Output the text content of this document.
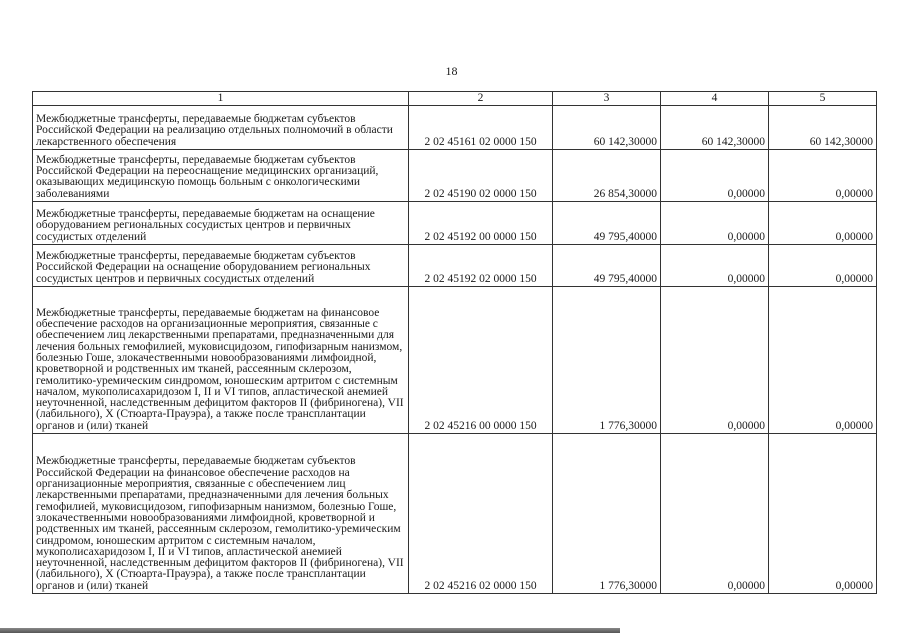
18
1	2	3	4	5
Межбюджетные трансферты, передаваемые бюджетам субъектов Российской Федерации на реализацию отдельных полномочий в области лекарственного обеспечения	2 02 45161 02 0000 150	60 142,30000	60 142,30000	60 142,30000
Межбюджетные трансферты, передаваемые бюджетам субъектов Российской Федерации на переоснащение медицинских организаций, оказывающих медицинскую помощь больным с онкологическими заболеваниями	2 02 45190 02 0000 150	26 854,30000	0,00000	0,00000
Межбюджетные трансферты, передаваемые бюджетам на оснащение оборудованием региональных сосудистых центров и первичных сосудистых отделений	2 02 45192 00 0000 150	49 795,40000	0,00000	0,00000
Межбюджетные трансферты, передаваемые бюджетам субъектов Российской Федерации на оснащение оборудованием региональных сосудистых центров и первичных сосудистых отделений	2 02 45192 02 0000 150	49 795,40000	0,00000	0,00000
Межбюджетные трансферты, передаваемые бюджетам на финансовое обеспечение расходов на организационные мероприятия, связанные с обеспечением лиц лекарственными препаратами, предназначенными для лечения больных гемофилией, муковисцидозом, гипофизарным нанизмом, болезнью Гоше, злокачественными новообразованиями лимфоидной, кроветворной и родственных им тканей, рассеянным склерозом, гемолитико-уремическим синдромом, юношеским артритом с системным началом, мукополисахаридозом I, II и VI типов, апластической анемией неуточненной, наследственным дефицитом факторов II (фибриногена), VII (лабильного), X (Стюарта-Прауэра), а также после трансплантации органов и (или) тканей	2 02 45216 00 0000 150	1 776,30000	0,00000	0,00000
Межбюджетные трансферты, передаваемые бюджетам субъектов Российской Федерации на финансовое обеспечение расходов на организационные мероприятия, связанные с обеспечением лиц лекарственными препаратами, предназначенными для лечения больных гемофилией, муковисцидозом, гипофизарным нанизмом, болезнью Гоше, злокачественными новообразованиями лимфоидной, кроветворной и родственных им тканей, рассеянным склерозом, гемолитико-уремическим синдромом, юношеским артритом с системным началом, мукополисахаридозом I, II и VI типов, апластической анемией неуточненной, наследственным дефицитом факторов II (фибриногена), VII (лабильного), X (Стюарта-Прауэра), а также после трансплантации органов и (или) тканей	2 02 45216 02 0000 150	1 776,30000	0,00000	0,00000
